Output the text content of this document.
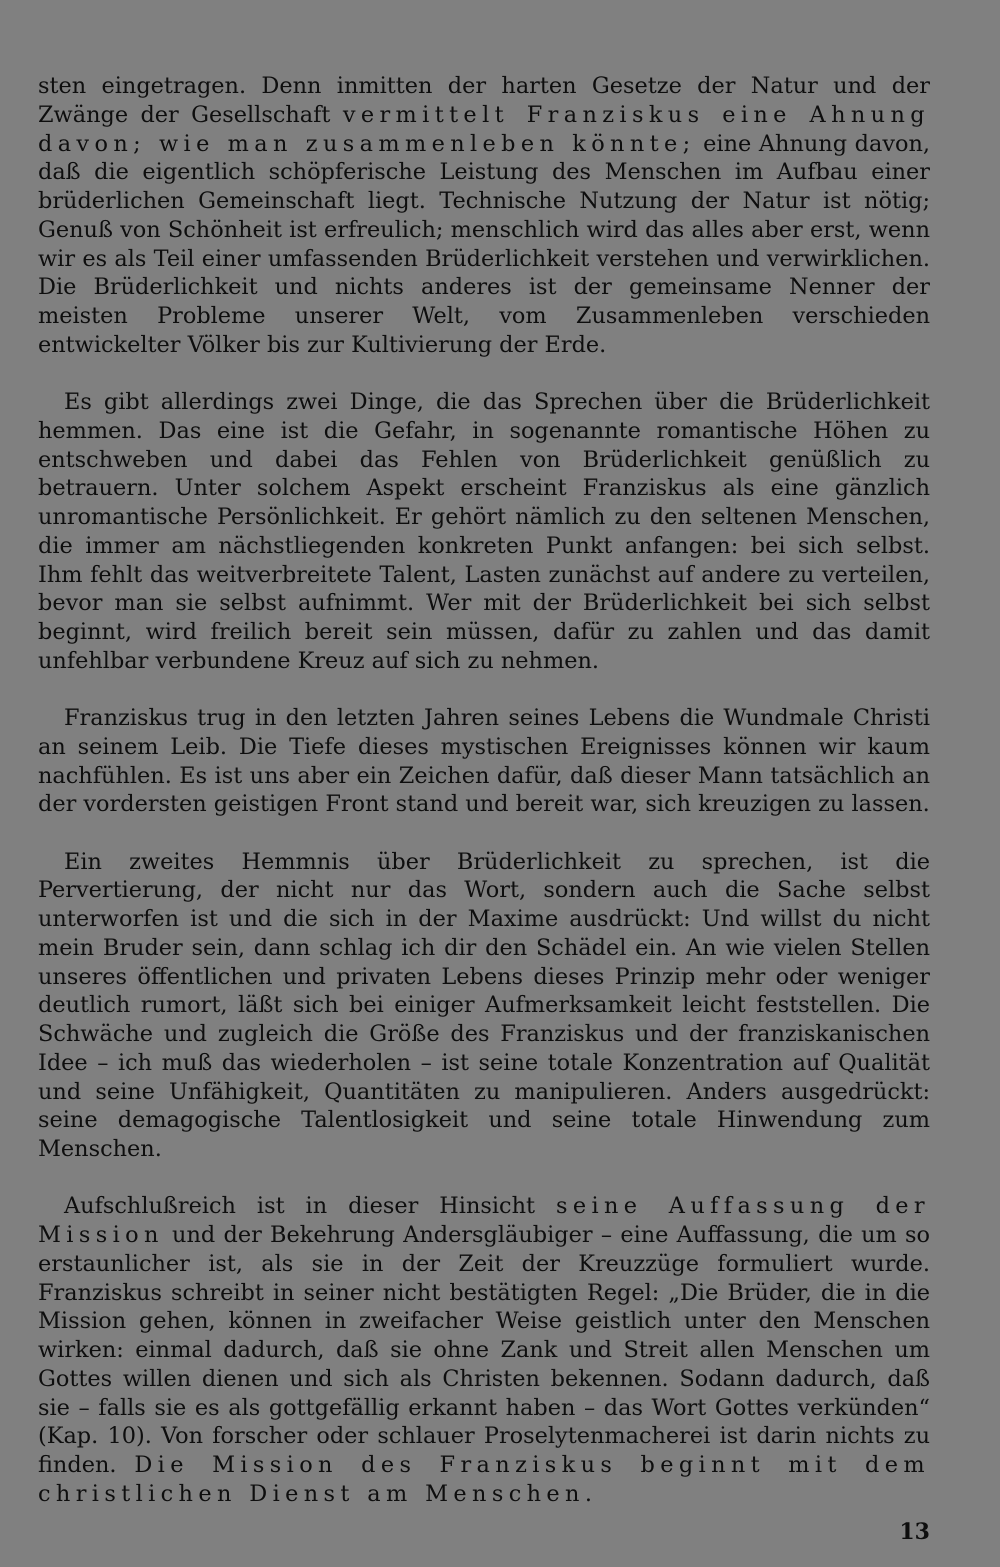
sten eingetragen. Denn inmitten der harten Gesetze der Natur und der Zwänge der Gesellschaft vermittelt Franziskus eine Ahnung davon; wie man zusammenleben könnte; eine Ahnung davon, daß die eigentlich schöpferische Leistung des Menschen im Aufbau einer brüderlichen Gemeinschaft liegt. Technische Nutzung der Natur ist nötig; Genuß von Schönheit ist erfreulich; menschlich wird das alles aber erst, wenn wir es als Teil einer umfassenden Brüderlichkeit verstehen und verwirklichen. Die Brüderlichkeit und nichts anderes ist der gemeinsame Nenner der meisten Probleme unserer Welt, vom Zusammenleben verschieden entwickelter Völker bis zur Kultivierung der Erde.

Es gibt allerdings zwei Dinge, die das Sprechen über die Brüderlichkeit hemmen. Das eine ist die Gefahr, in sogenannte romantische Höhen zu entschweben und dabei das Fehlen von Brüderlichkeit genüßlich zu betrauern. Unter solchem Aspekt erscheint Franziskus als eine gänzlich unromantische Persönlichkeit. Er gehört nämlich zu den seltenen Menschen, die immer am nächstliegenden konkreten Punkt anfangen: bei sich selbst. Ihm fehlt das weitverbreitete Talent, Lasten zunächst auf andere zu verteilen, bevor man sie selbst aufnimmt. Wer mit der Brüderlichkeit bei sich selbst beginnt, wird freilich bereit sein müssen, dafür zu zahlen und das damit unfehlbar verbundene Kreuz auf sich zu nehmen.

Franziskus trug in den letzten Jahren seines Lebens die Wundmale Christi an seinem Leib. Die Tiefe dieses mystischen Ereignisses können wir kaum nachfühlen. Es ist uns aber ein Zeichen dafür, daß dieser Mann tatsächlich an der vordersten geistigen Front stand und bereit war, sich kreuzigen zu lassen.

Ein zweites Hemmnis über Brüderlichkeit zu sprechen, ist die Pervertierung, der nicht nur das Wort, sondern auch die Sache selbst unterworfen ist und die sich in der Maxime ausdrückt: Und willst du nicht mein Bruder sein, dann schlag ich dir den Schädel ein. An wie vielen Stellen unseres öffentlichen und privaten Lebens dieses Prinzip mehr oder weniger deutlich rumort, läßt sich bei einiger Aufmerksamkeit leicht feststellen. Die Schwäche und zugleich die Größe des Franziskus und der franziskanischen Idee – ich muß das wiederholen – ist seine totale Konzentration auf Qualität und seine Unfähigkeit, Quantitäten zu manipulieren. Anders ausgedrückt: seine demagogische Talentlosigkeit und seine totale Hinwendung zum Menschen.

Aufschlußreich ist in dieser Hinsicht seine Auffassung der Mission und der Bekehrung Andersgläubiger – eine Auffassung, die um so erstaunlicher ist, als sie in der Zeit der Kreuzzüge formuliert wurde. Franziskus schreibt in seiner nicht bestätigten Regel: „Die Brüder, die in die Mission gehen, können in zweifacher Weise geistlich unter den Menschen wirken: einmal dadurch, daß sie ohne Zank und Streit allen Menschen um Gottes willen dienen und sich als Christen bekennen. Sodann dadurch, daß sie – falls sie es als gottgefällig erkannt haben – das Wort Gottes verkünden“ (Kap. 10). Von forscher oder schlauer Proselytenmacherei ist darin nichts zu finden. Die Mission des Franziskus beginnt mit dem christlichen Dienst am Menschen.

13
